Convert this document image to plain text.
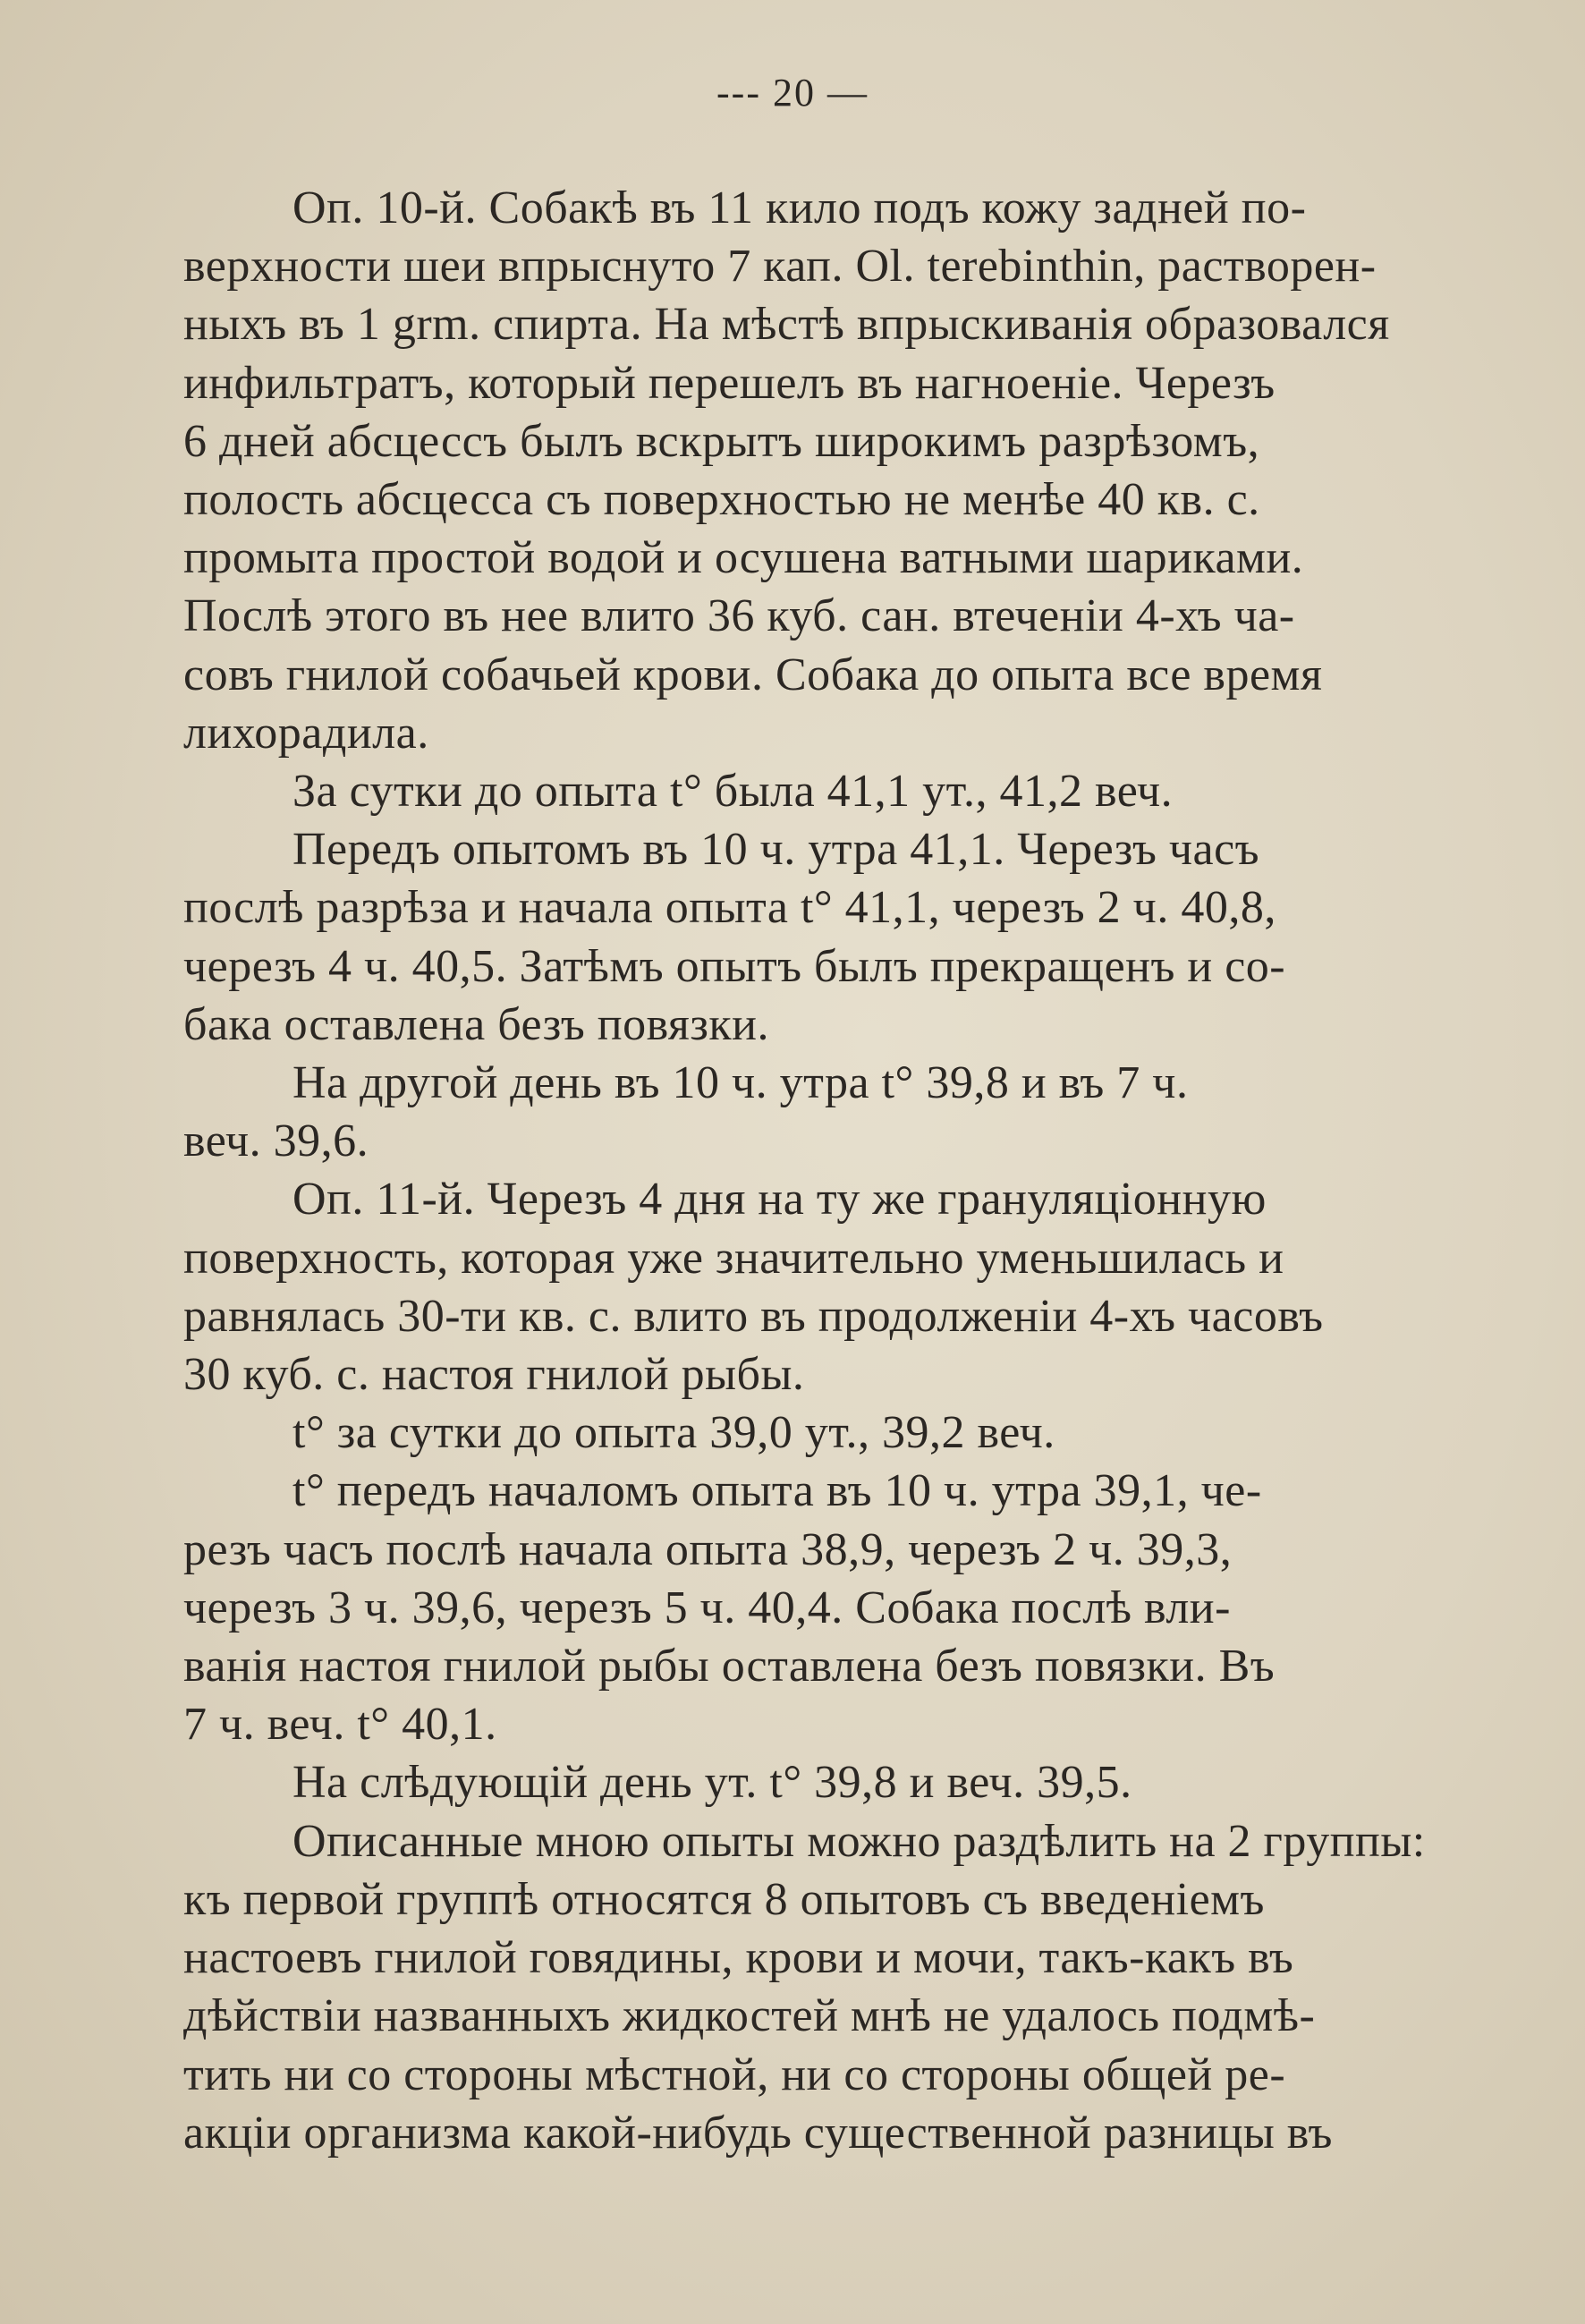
--- 20 —
Оп. 10-й. Собакѣ въ 11 кило подъ кожу задней по-
верхности шеи впрыснуто 7 кап. Ol. terebinthin, растворен-
ныхъ въ 1 grm. спирта. На мѣстѣ впрыскиванія образовался
инфильтратъ, который перешелъ въ нагноеніе. Черезъ
6 дней абсцессъ былъ вскрытъ широкимъ разрѣзомъ,
полость абсцесса съ поверхностью не менѣе 40 кв. с.
промыта простой водой и осушена ватными шариками.
Послѣ этого въ нее влито 36 куб. сан. втеченіи 4-хъ ча-
совъ гнилой собачьей крови. Собака до опыта все время
лихорадила.
За сутки до опыта t° была 41,1 ут., 41,2 веч.
Передъ опытомъ въ 10 ч. утра 41,1. Черезъ часъ
послѣ разрѣза и начала опыта t° 41,1, черезъ 2 ч. 40,8,
черезъ 4 ч. 40,5. Затѣмъ опытъ былъ прекращенъ и со-
бака оставлена безъ повязки.
На другой день въ 10 ч. утра t° 39,8 и въ 7 ч.
веч. 39,6.
Оп. 11-й. Черезъ 4 дня на ту же грануляціонную
поверхность, которая уже значительно уменьшилась и
равнялась 30-ти кв. с. влито въ продолженіи 4-хъ часовъ
30 куб. с. настоя гнилой рыбы.
t° за сутки до опыта 39,0 ут., 39,2 веч.
t° передъ началомъ опыта въ 10 ч. утра 39,1, че-
резъ часъ послѣ начала опыта 38,9, черезъ 2 ч. 39,3,
черезъ 3 ч. 39,6, черезъ 5 ч. 40,4. Собака послѣ вли-
ванія настоя гнилой рыбы оставлена безъ повязки. Въ
7 ч. веч. t° 40,1.
На слѣдующій день ут. t° 39,8 и веч. 39,5.
Описанные мною опыты можно раздѣлить на 2 группы:
къ первой группѣ относятся 8 опытовъ съ введеніемъ
настоевъ гнилой говядины, крови и мочи, такъ-какъ въ
дѣйствіи названныхъ жидкостей мнѣ не удалось подмѣ-
тить ни со стороны мѣстной, ни со стороны общей ре-
акціи организма какой-нибудь существенной разницы въ
